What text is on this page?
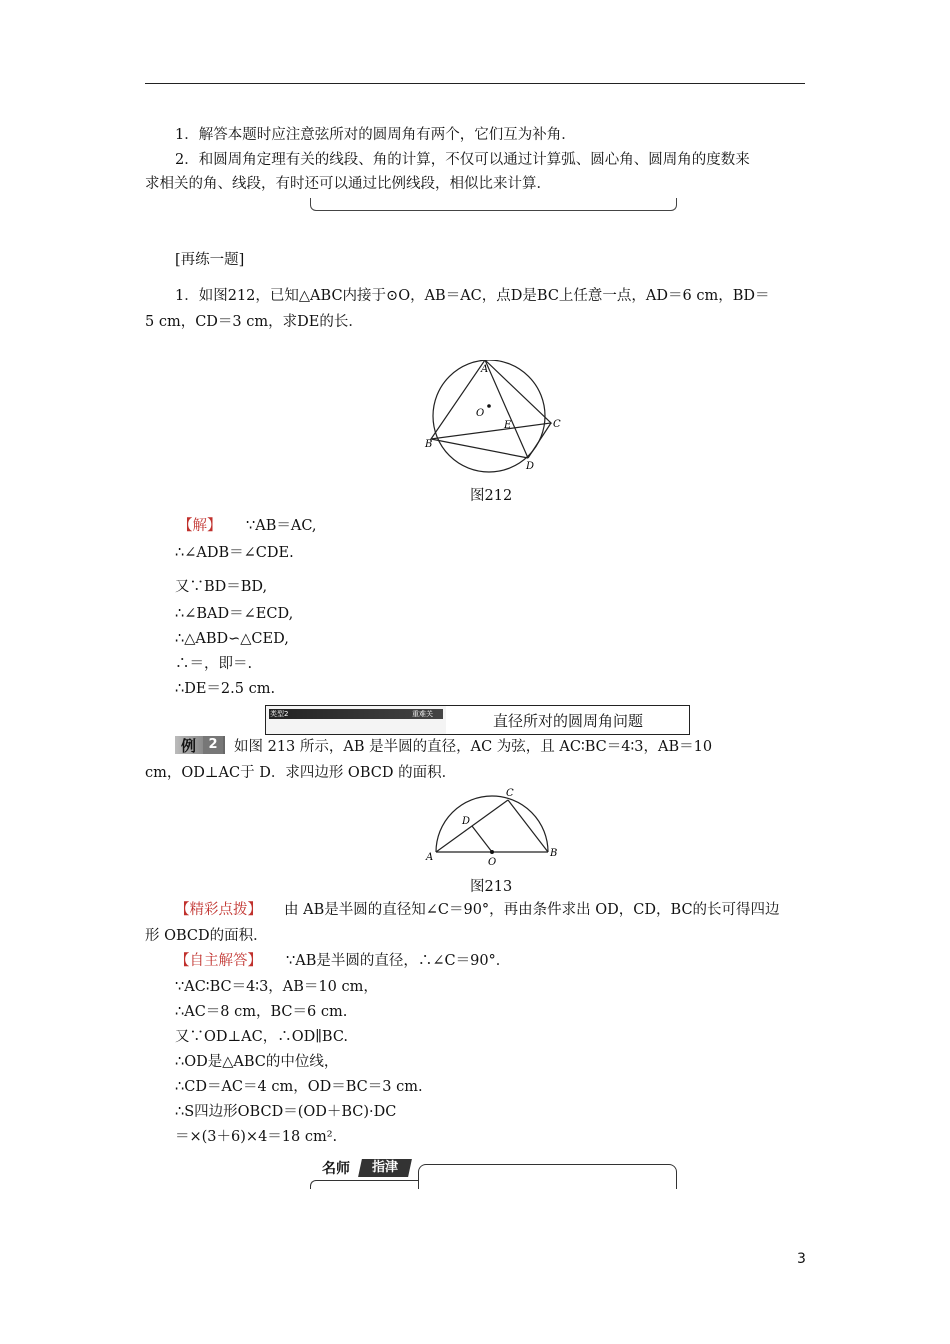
1．解答本题时应注意弦所对的圆周角有两个，它们互为补角．
2．和圆周角定理有关的线段、角的计算，不仅可以通过计算弧、圆心角、圆周角的度数来
求相关的角、线段，有时还可以通过比例线段，相似比来计算．
[再练一题]
1．如图212，已知△ABC内接于⊙O，AB＝AC，点D是BC上任意一点，AD＝6 cm，BD＝
5 cm，CD＝3 cm，求DE的长．
O
A
B
C
D
E
图212
【解】 ∵AB＝AC,
∴∠ADB＝∠CDE.
又∵BD＝BD,
∴∠BAD＝∠ECD,
∴△ABD∽△CED,
∴＝，即＝.
∴DE＝2.5 cm.
类型2	重难关	直径所对的圆周角问题
例 2	如图 213 所示，AB 是半圆的直径，AC 为弦，且 AC∶BC＝4∶3，AB＝10
cm，OD⊥AC于 D．求四边形 OBCD 的面积．
A	B
C
D
O
图213
【精彩点拨】 由 AB是半圆的直径知∠C＝90°，再由条件求出 OD，CD，BC的长可得四边
形 OBCD的面积．
【自主解答】 ∵AB是半圆的直径，∴∠C＝90°．
∵AC∶BC＝4∶3，AB＝10 cm，
∴AC＝8 cm，BC＝6 cm.
又∵OD⊥AC，∴OD∥BC.
∴OD是△ABC的中位线，
∴CD＝AC＝4 cm，OD＝BC＝3 cm.
∴S四边形OBCD＝(OD＋BC)·DC
＝×(3＋6)×4＝18 cm².
名师	指津
3
